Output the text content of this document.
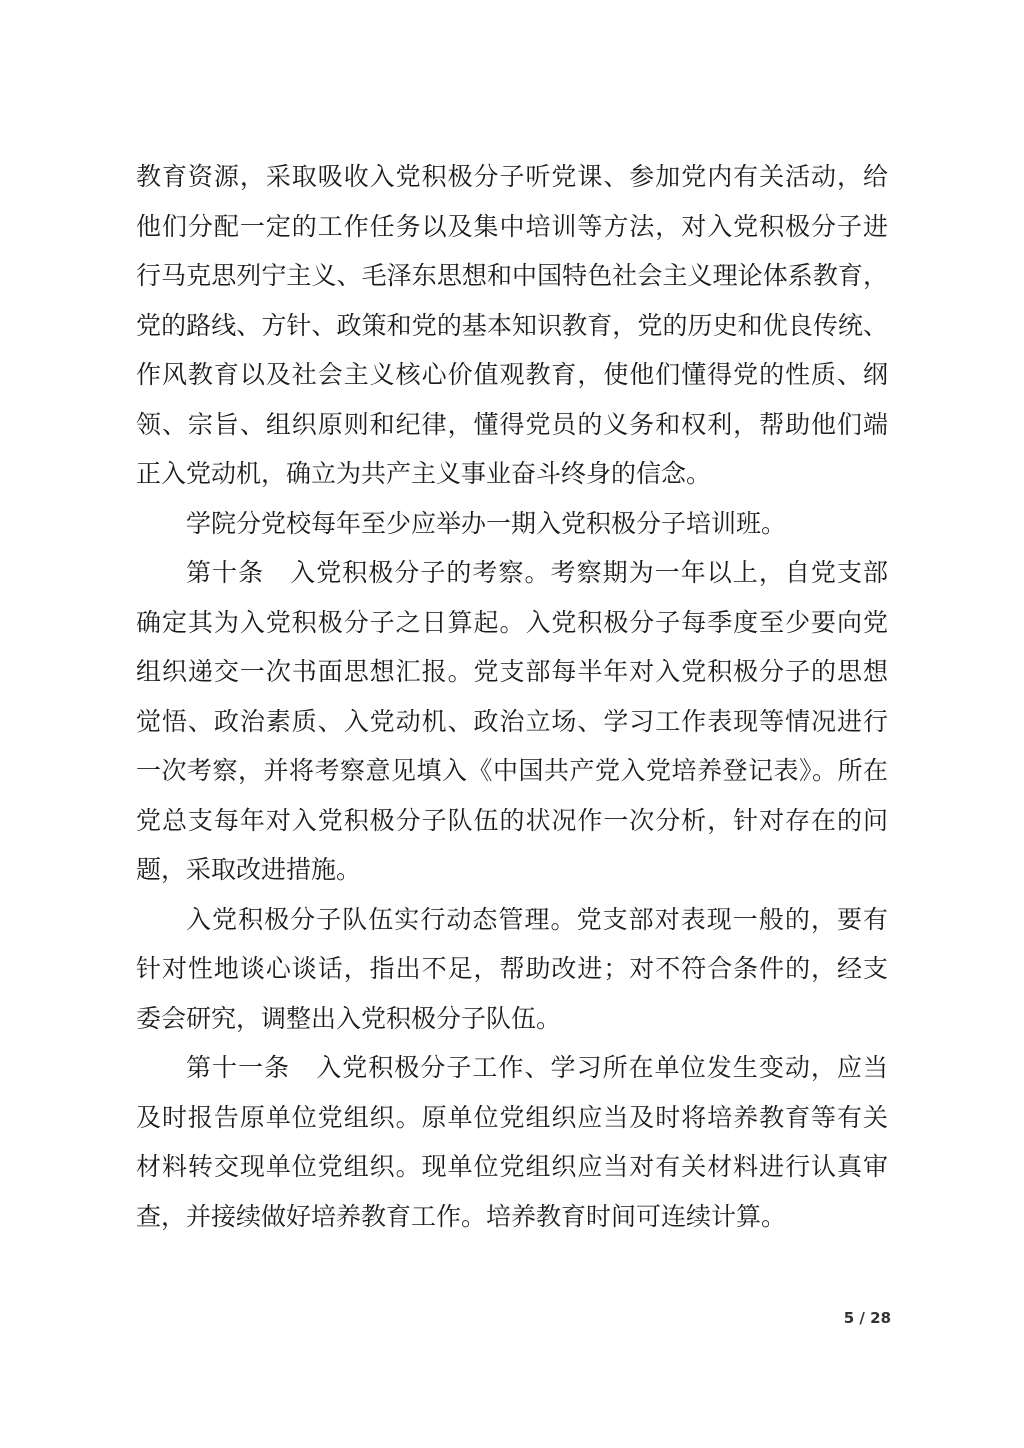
教育资源，采取吸收入党积极分子听党课、参加党内有关活动，给
他们分配一定的工作任务以及集中培训等方法，对入党积极分子进
行马克思列宁主义、毛泽东思想和中国特色社会主义理论体系教育，
党的路线、方针、政策和党的基本知识教育，党的历史和优良传统、
作风教育以及社会主义核心价值观教育，使他们懂得党的性质、纲
领、宗旨、组织原则和纪律，懂得党员的义务和权利，帮助他们端
正入党动机，确立为共产主义事业奋斗终身的信念。
学院分党校每年至少应举办一期入党积极分子培训班。
第十条　入党积极分子的考察。考察期为一年以上，自党支部
确定其为入党积极分子之日算起。入党积极分子每季度至少要向党
组织递交一次书面思想汇报。党支部每半年对入党积极分子的思想
觉悟、政治素质、入党动机、政治立场、学习工作表现等情况进行
一次考察，并将考察意见填入《中国共产党入党培养登记表》。所在
党总支每年对入党积极分子队伍的状况作一次分析，针对存在的问
题，采取改进措施。
入党积极分子队伍实行动态管理。党支部对表现一般的，要有
针对性地谈心谈话，指出不足，帮助改进；对不符合条件的，经支
委会研究，调整出入党积极分子队伍。
第十一条　入党积极分子工作、学习所在单位发生变动，应当
及时报告原单位党组织。原单位党组织应当及时将培养教育等有关
材料转交现单位党组织。现单位党组织应当对有关材料进行认真审
查，并接续做好培养教育工作。培养教育时间可连续计算。
5 / 28
